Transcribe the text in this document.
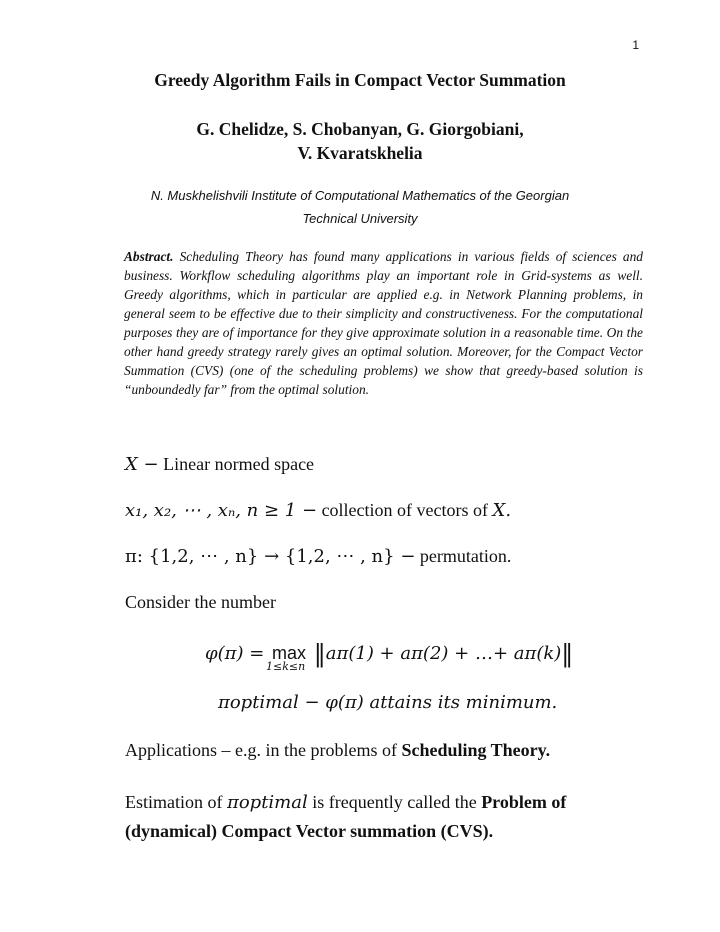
1
Greedy Algorithm Fails in Compact Vector Summation
G. Chelidze, S. Chobanyan, G. Giorgobiani,
V. Kvaratskhelia
N. Muskhelishvili Institute of Computational Mathematics of the Georgian
Technical University
Abstract. Scheduling Theory has found many applications in various fields of sciences and business. Workflow scheduling algorithms play an important role in Grid-systems as well. Greedy algorithms, which in particular are applied e.g. in Network Planning problems, in general seem to be effective due to their simplicity and constructiveness. For the computational purposes they are of importance for they give approximate solution in a reasonable time. On the other hand greedy strategy rarely gives an optimal solution. Moreover, for the Compact Vector Summation (CVS) (one of the scheduling problems) we show that greedy-based solution is “unboundedly far” from the optimal solution.
X − Linear normed space
x₁, x₂, ⋯ , xₙ, n ≥ 1 − collection of vectors of X.
π: {1,2, ⋯ , n} → {1,2, ⋯ , n} − permutation.
Consider the number
φ(π) = max
1≤k≤n ‖aπ(1) + aπ(2) + …+ aπ(k)‖
πoptimal − φ(π) attains its minimum.
Applications – e.g. in the problems of Scheduling Theory.
Estimation of πoptimal is frequently called the Problem of (dynamical) Compact Vector summation (CVS).
